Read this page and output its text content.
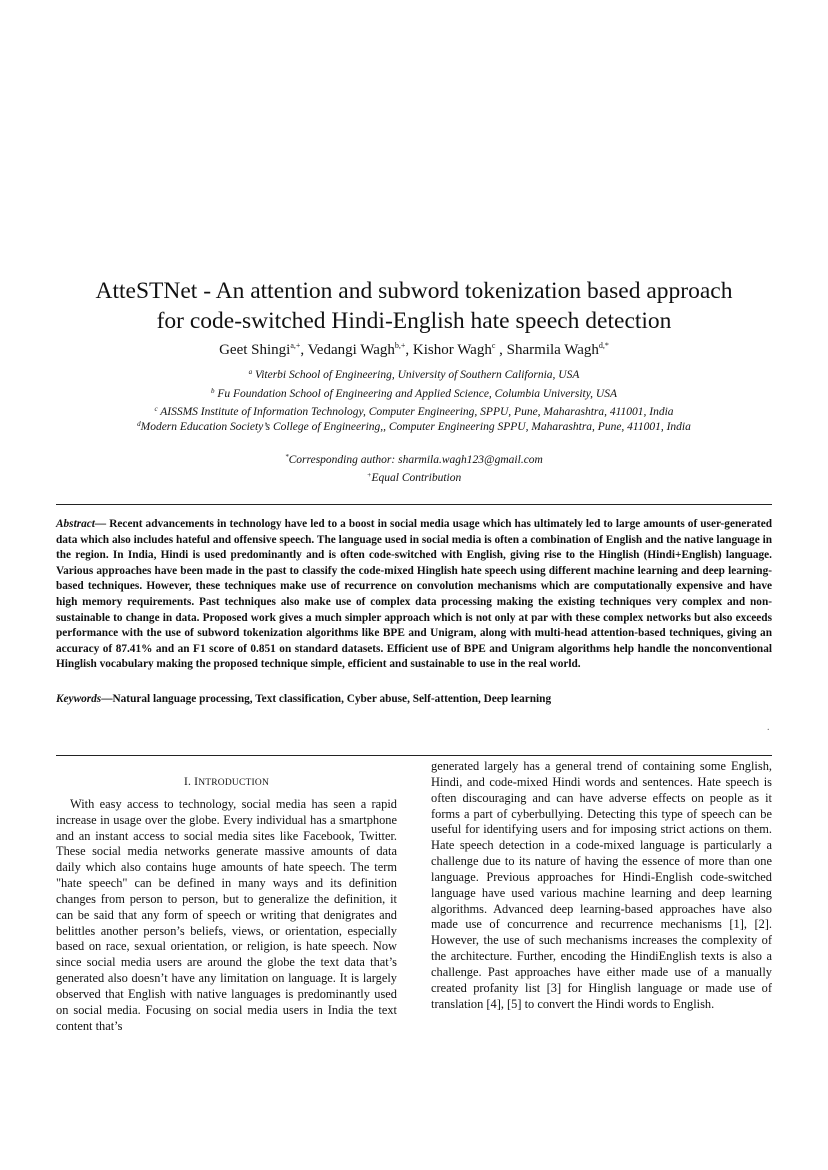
AtteSTNet - An attention and subword tokenization based approach
for code-switched Hindi-English hate speech detection
Geet Shingi$^{a,+}$, Vedangi Wagh$^{b,+}$, Kishor Wagh$^c$ , Sharmila Wagh$^{d,*}$
$^a$ Viterbi School of Engineering, University of Southern California, USA
$^b$ Fu Foundation School of Engineering and Applied Science, Columbia University, USA
$^c$ AISSMS Institute of Information Technology, Computer Engineering, SPPU, Pune, Maharashtra, 411001, India
$^d$Modern Education Society’s College of Engineering,, Computer Engineering SPPU, Maharashtra, Pune, 411001, India
*Corresponding author: sharmila.wagh123@gmail.com
+Equal Contribution
Abstract— Recent advancements in technology have led to a boost in social media usage which has ultimately led to large amounts of user-generated data which also includes hateful and offensive speech. The language used in social media is often a combination of English and the native language in the region. In India, Hindi is used predominantly and is often code-switched with English, giving rise to the Hinglish (Hindi+English) language. Various approaches have been made in the past to classify the code-mixed Hinglish hate speech using different machine learning and deep learning-based techniques. However, these techniques make use of recurrence on convolution mechanisms which are computationally expensive and have high memory requirements. Past techniques also make use of complex data processing making the existing techniques very complex and non-sustainable to change in data. Proposed work gives a much simpler approach which is not only at par with these complex networks but also exceeds performance with the use of subword tokenization algorithms like BPE and Unigram, along with multi-head attention-based techniques, giving an accuracy of 87.41% and an F1 score of 0.851 on standard datasets. Efficient use of BPE and Unigram algorithms help handle the nonconventional Hinglish vocabulary making the proposed technique simple, efficient and sustainable to use in the real world.
Keywords—Natural language processing, Text classification, Cyber abuse, Self-attention, Deep learning
.

I. INTRODUCTION

With easy access to technology, social media has seen a rapid increase in usage over the globe. Every individual has a smartphone and an instant access to social media sites like Facebook, Twitter. These social media networks generate massive amounts of data daily which also contains huge amounts of hate speech. The term "hate speech" can be defined in many ways and its definition changes from person to person, but to generalize the definition, it can be said that any form of speech or writing that denigrates and belittles another person’s beliefs, views, or orientation, especially based on race, sexual orientation, or religion, is hate speech. Now since social media users are around the globe the text data that’s generated also doesn’t have any limitation on language. It is largely observed that English with native languages is predominantly used on social media. Focusing on social media users in India the text content that’s

generated largely has a general trend of containing some English, Hindi, and code-mixed Hindi words and sentences. Hate speech is often discouraging and can have adverse effects on people as it forms a part of cyberbullying. Detecting this type of speech can be useful for identifying users and for imposing strict actions on them. Hate speech detection in a code-mixed language is particularly a challenge due to its nature of having the essence of more than one language. Previous approaches for Hindi-English code-switched language have used various machine learning and deep learning algorithms. Advanced deep learning-based approaches have also made use of concurrence and recurrence mechanisms [1], [2]. However, the use of such mechanisms increases the complexity of the architecture. Further, encoding the HindiEnglish texts is also a challenge. Past approaches have either made use of a manually created profanity list [3] for Hinglish language or made use of translation [4], [5] to convert the Hindi words to English.
